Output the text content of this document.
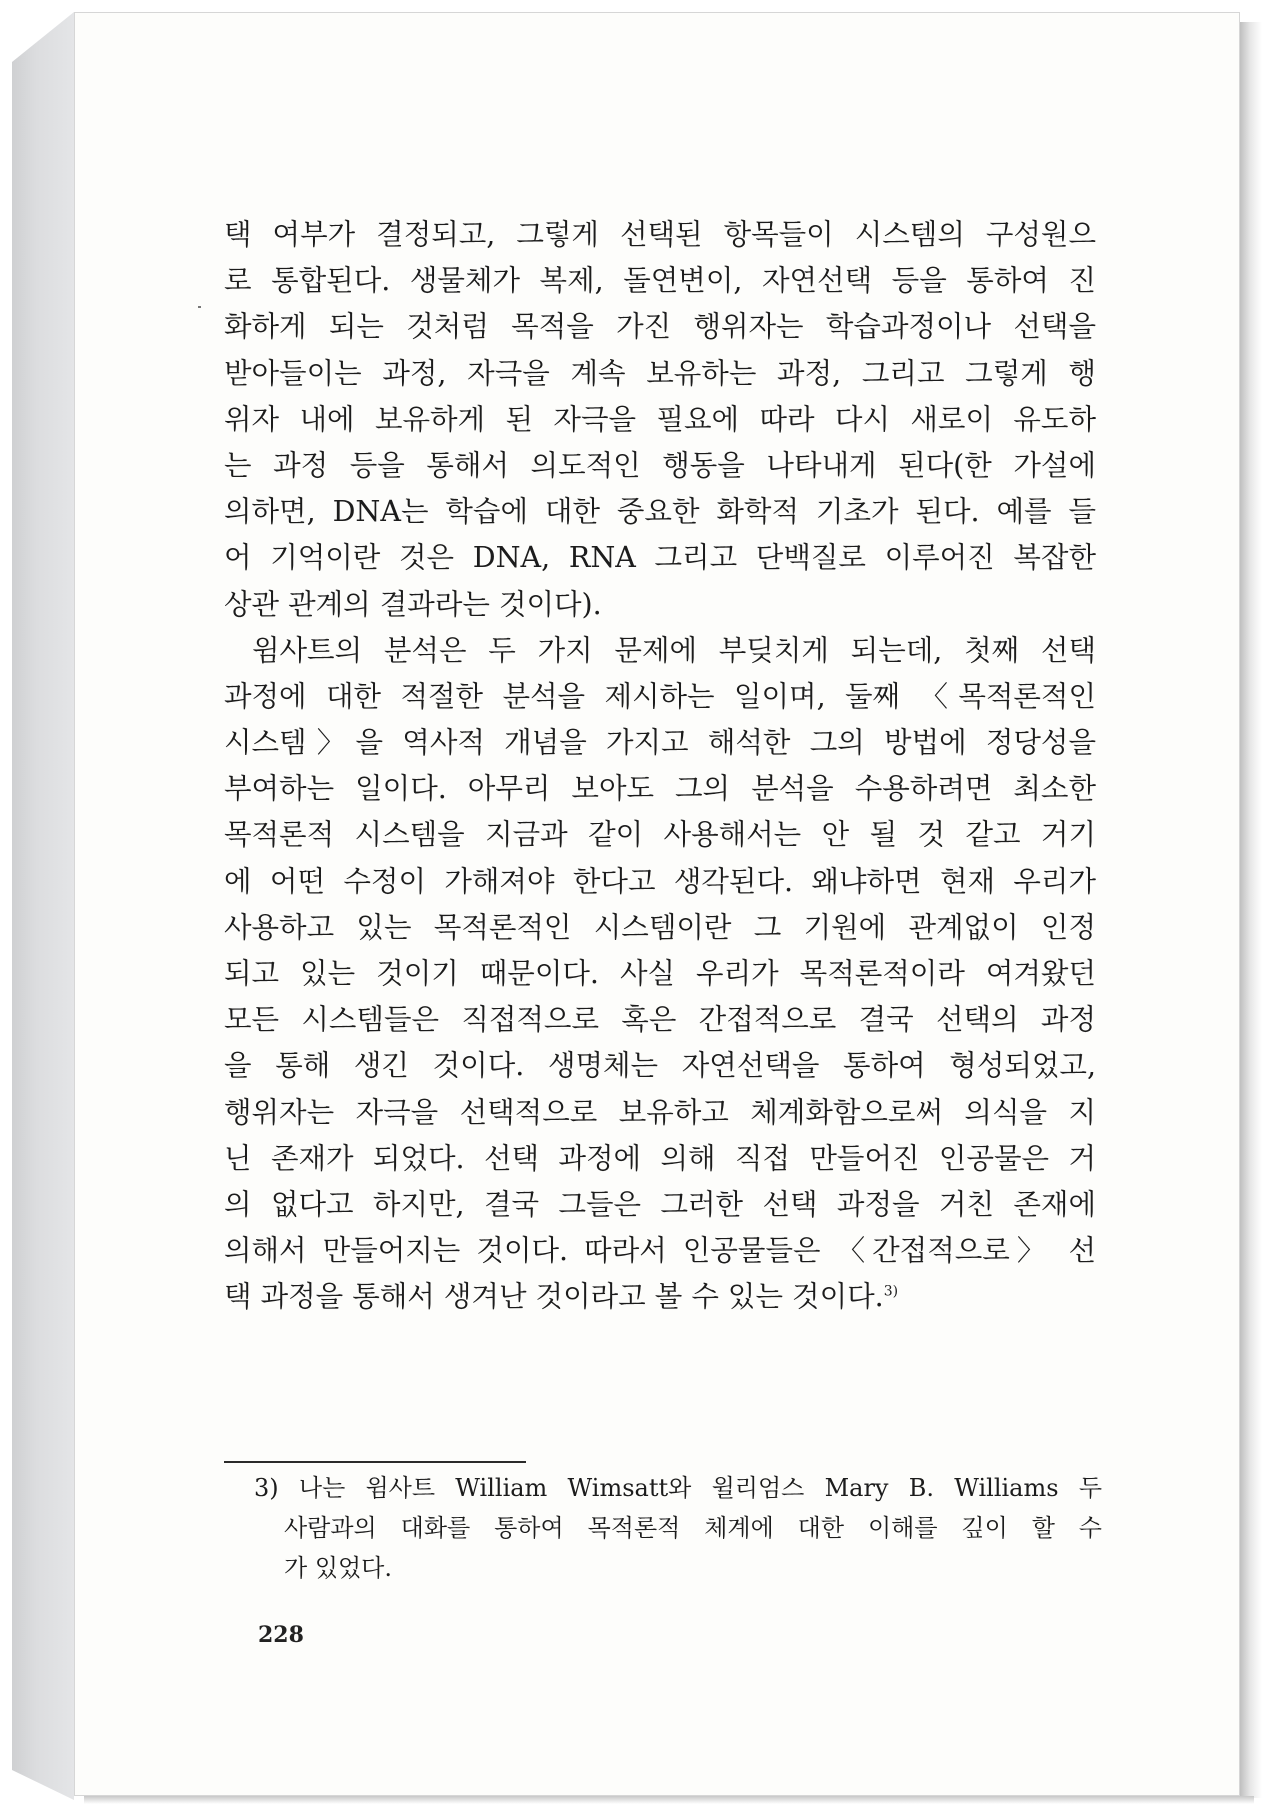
택 여부가 결정되고, 그렇게 선택된 항목들이 시스템의 구성원으
로 통합된다. 생물체가 복제, 돌연변이, 자연선택 등을 통하여 진
화하게 되는 것처럼 목적을 가진 행위자는 학습과정이나 선택을
받아들이는 과정, 자극을 계속 보유하는 과정, 그리고 그렇게 행
위자 내에 보유하게 된 자극을 필요에 따라 다시 새로이 유도하
는 과정 등을 통해서 의도적인 행동을 나타내게 된다(한 가설에
의하면, DNA는 학습에 대한 중요한 화학적 기초가 된다. 예를 들
어 기억이란 것은 DNA, RNA 그리고 단백질로 이루어진 복잡한
상관 관계의 결과라는 것이다).
윔사트의 분석은 두 가지 문제에 부딪치게 되는데, 첫째 선택
과정에 대한 적절한 분석을 제시하는 일이며, 둘째 〈목적론적인
시스템〉을 역사적 개념을 가지고 해석한 그의 방법에 정당성을
부여하는 일이다. 아무리 보아도 그의 분석을 수용하려면 최소한
목적론적 시스템을 지금과 같이 사용해서는 안 될 것 같고 거기
에 어떤 수정이 가해져야 한다고 생각된다. 왜냐하면 현재 우리가
사용하고 있는 목적론적인 시스템이란 그 기원에 관계없이 인정
되고 있는 것이기 때문이다. 사실 우리가 목적론적이라 여겨왔던
모든 시스템들은 직접적으로 혹은 간접적으로 결국 선택의 과정
을 통해 생긴 것이다. 생명체는 자연선택을 통하여 형성되었고,
행위자는 자극을 선택적으로 보유하고 체계화함으로써 의식을 지
닌 존재가 되었다. 선택 과정에 의해 직접 만들어진 인공물은 거
의 없다고 하지만, 결국 그들은 그러한 선택 과정을 거친 존재에
의해서 만들어지는 것이다. 따라서 인공물들은 〈간접적으로〉 선
택 과정을 통해서 생겨난 것이라고 볼 수 있는 것이다.$^{3)}$
3) 나는 윔사트 William Wimsatt와 윌리엄스 Mary B. Williams 두
사람과의 대화를 통하여 목적론적 체계에 대한 이해를 깊이 할 수
가 있었다.
228
